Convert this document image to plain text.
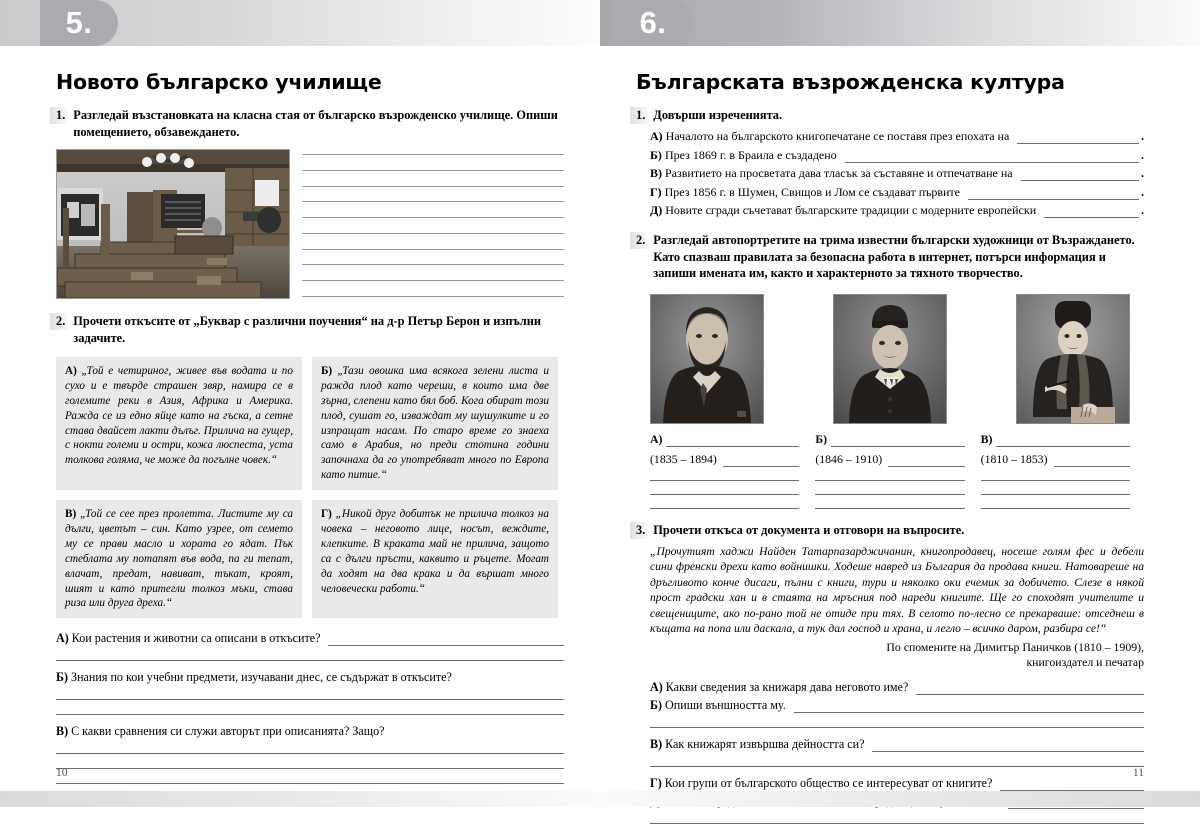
5.
Новото българско училище
1. Разгледай възстановката на класна стая от българско възрожденско училище. Опиши помещението, обзавеждането.
2. Прочети откъсите от „Буквар с различни поучения“ на д-р Петър Берон и изпълни задачите.
А) „Той е четириног, живее във водата и по сухо и е твърде страшен звяр, намира се в големите реки в Азия, Африка и Америка. Ражда се из едно яйце като на гъска, а сетне става двайсет лакти дълъг. Прилича на гущер, с нокти големи и остри, кожа люспеста, уста толкова голяма, че може да погълне човек.“
Б) „Тази овошка има всякога зелени листа и ражда плод като череши, в които има две зърна, слепени като бял боб. Кога обират този плод, сушат го, изваждат му шушулките и го изпращат насам. По старо време го знаеха само в Арабия, но преди стотина години започнаха да го употребяват много по Европа като питие.“
В) „Той се сее през пролетта. Листите му са дълги, цветът – син. Като узрее, от семето му се прави масло и хората го ядат. Пък стеблата му потапят във вода, па ги тепат, влачат, предат, навиват, тъкат, кроят, шият и като притегли толкоз мъки, става риза или друга дреха.“
Г) „Никой друг добитък не прилича толкоз на човека – неговото лице, носът, веждите, клепките. В краката май не прилича, защото са с дълги пръсти, каквито и ръцете. Могат да ходят на два крака и да вършат много человечески работи.“
А) Кои растения и животни са описани в откъсите?
Б) Знания по кои учебни предмети, изучавани днес, се съдържат в откъсите?
В) С какви сравнения си служи авторът при описанията? Защо?
10
6.
Българската възрожденска култура
1. Довърши изреченията.
А) Началото на българското книгопечатане се поставя през епохата на	.
Б) През 1869 г. в Браила е създадено	.
В) Развитието на просветата дава тласък за съставяне и отпечатване на	.
Г) През 1856 г. в Шумен, Свищов и Лом се създават първите	.
Д) Новите сгради съчетават българските традиции с модерните европейски	.
2. Разгледай автопортретите на трима известни български художници от Възраждането. Като спазваш правилата за безопасна работа в интернет, потърси информация и запиши имената им, както и характерното за тяхното творчество.
А)
(1835 – 1894)
Б)
(1846 – 1910)
В)
(1810 – 1853)
3. Прочети откъса от документа и отговори на въпросите.
„Прочутият хаджи Найден Татарпазарджичанин, книгопродавец, носеше голям фес и дебели сини френски дрехи като войнишки. Ходеше навред из България да продава книги. Натовареше на дръгливото конче дисаги, пълни с книги, тури и няколко оки ечемик за добичето. Слезе в някой прост градски хан и в стаята на мръсния под нареди книгите. Ще го споходят учителите и свещениците, ако по-рано той не отиде при тях. В селото по-лесно се прекарваше: отседнеш в къщата на попа или даскала, а тук дал господ и храна, и легло – всичко даром, разбира се!“
По спомените на Димитър Паничков (1810 – 1909),
книгоиздател и печатар
А) Какви сведения за книжаря дава неговото име?
Б) Опиши външността му.
В) Как книжарят извършва дейността си?
Г) Кои групи от българското общество се интересуват от книгите?
11
